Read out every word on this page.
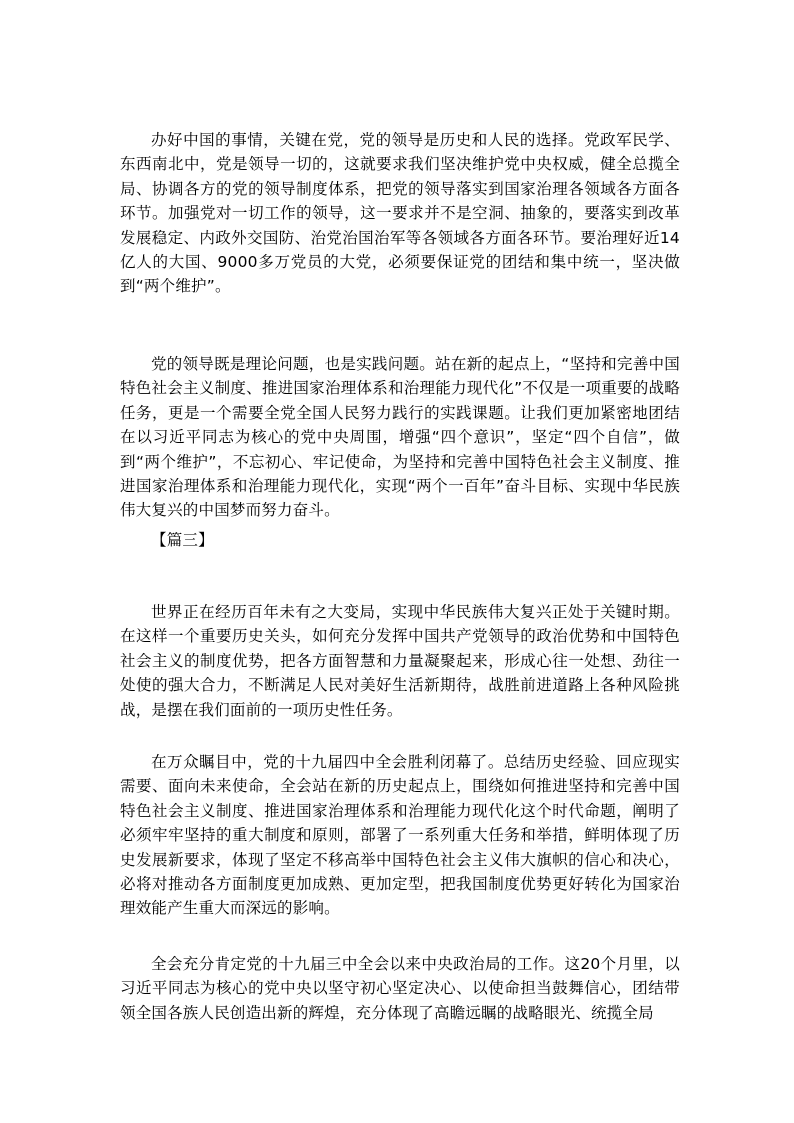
办好中国的事情，关键在党，党的领导是历史和人民的选择。党政军民学、东西南北中，党是领导一切的，这就要求我们坚决维护党中央权威，健全总揽全局、协调各方的党的领导制度体系，把党的领导落实到国家治理各领域各方面各环节。加强党对一切工作的领导，这一要求并不是空洞、抽象的，要落实到改革发展稳定、内政外交国防、治党治国治军等各领域各方面各环节。要治理好近14亿人的大国、9000多万党员的大党，必须要保证党的团结和集中统一，坚决做到“两个维护”。

党的领导既是理论问题，也是实践问题。站在新的起点上，“坚持和完善中国特色社会主义制度、推进国家治理体系和治理能力现代化”不仅是一项重要的战略任务，更是一个需要全党全国人民努力践行的实践课题。让我们更加紧密地团结在以习近平同志为核心的党中央周围，增强“四个意识”，坚定“四个自信”，做到“两个维护”，不忘初心、牢记使命，为坚持和完善中国特色社会主义制度、推进国家治理体系和治理能力现代化，实现“两个一百年”奋斗目标、实现中华民族伟大复兴的中国梦而努力奋斗。

【篇三】

世界正在经历百年未有之大变局，实现中华民族伟大复兴正处于关键时期。在这样一个重要历史关头，如何充分发挥中国共产党领导的政治优势和中国特色社会主义的制度优势，把各方面智慧和力量凝聚起来，形成心往一处想、劲往一处使的强大合力，不断满足人民对美好生活新期待，战胜前进道路上各种风险挑战，是摆在我们面前的一项历史性任务。

在万众瞩目中，党的十九届四中全会胜利闭幕了。总结历史经验、回应现实需要、面向未来使命，全会站在新的历史起点上，围绕如何推进坚持和完善中国特色社会主义制度、推进国家治理体系和治理能力现代化这个时代命题，阐明了必须牢牢坚持的重大制度和原则，部署了一系列重大任务和举措，鲜明体现了历史发展新要求，体现了坚定不移高举中国特色社会主义伟大旗帜的信心和决心，必将对推动各方面制度更加成熟、更加定型，把我国制度优势更好转化为国家治理效能产生重大而深远的影响。

全会充分肯定党的十九届三中全会以来中央政治局的工作。这20个月里，以习近平同志为核心的党中央以坚守初心坚定决心、以使命担当鼓舞信心，团结带领全国各族人民创造出新的辉煌，充分体现了高瞻远瞩的战略眼光、统揽全局
